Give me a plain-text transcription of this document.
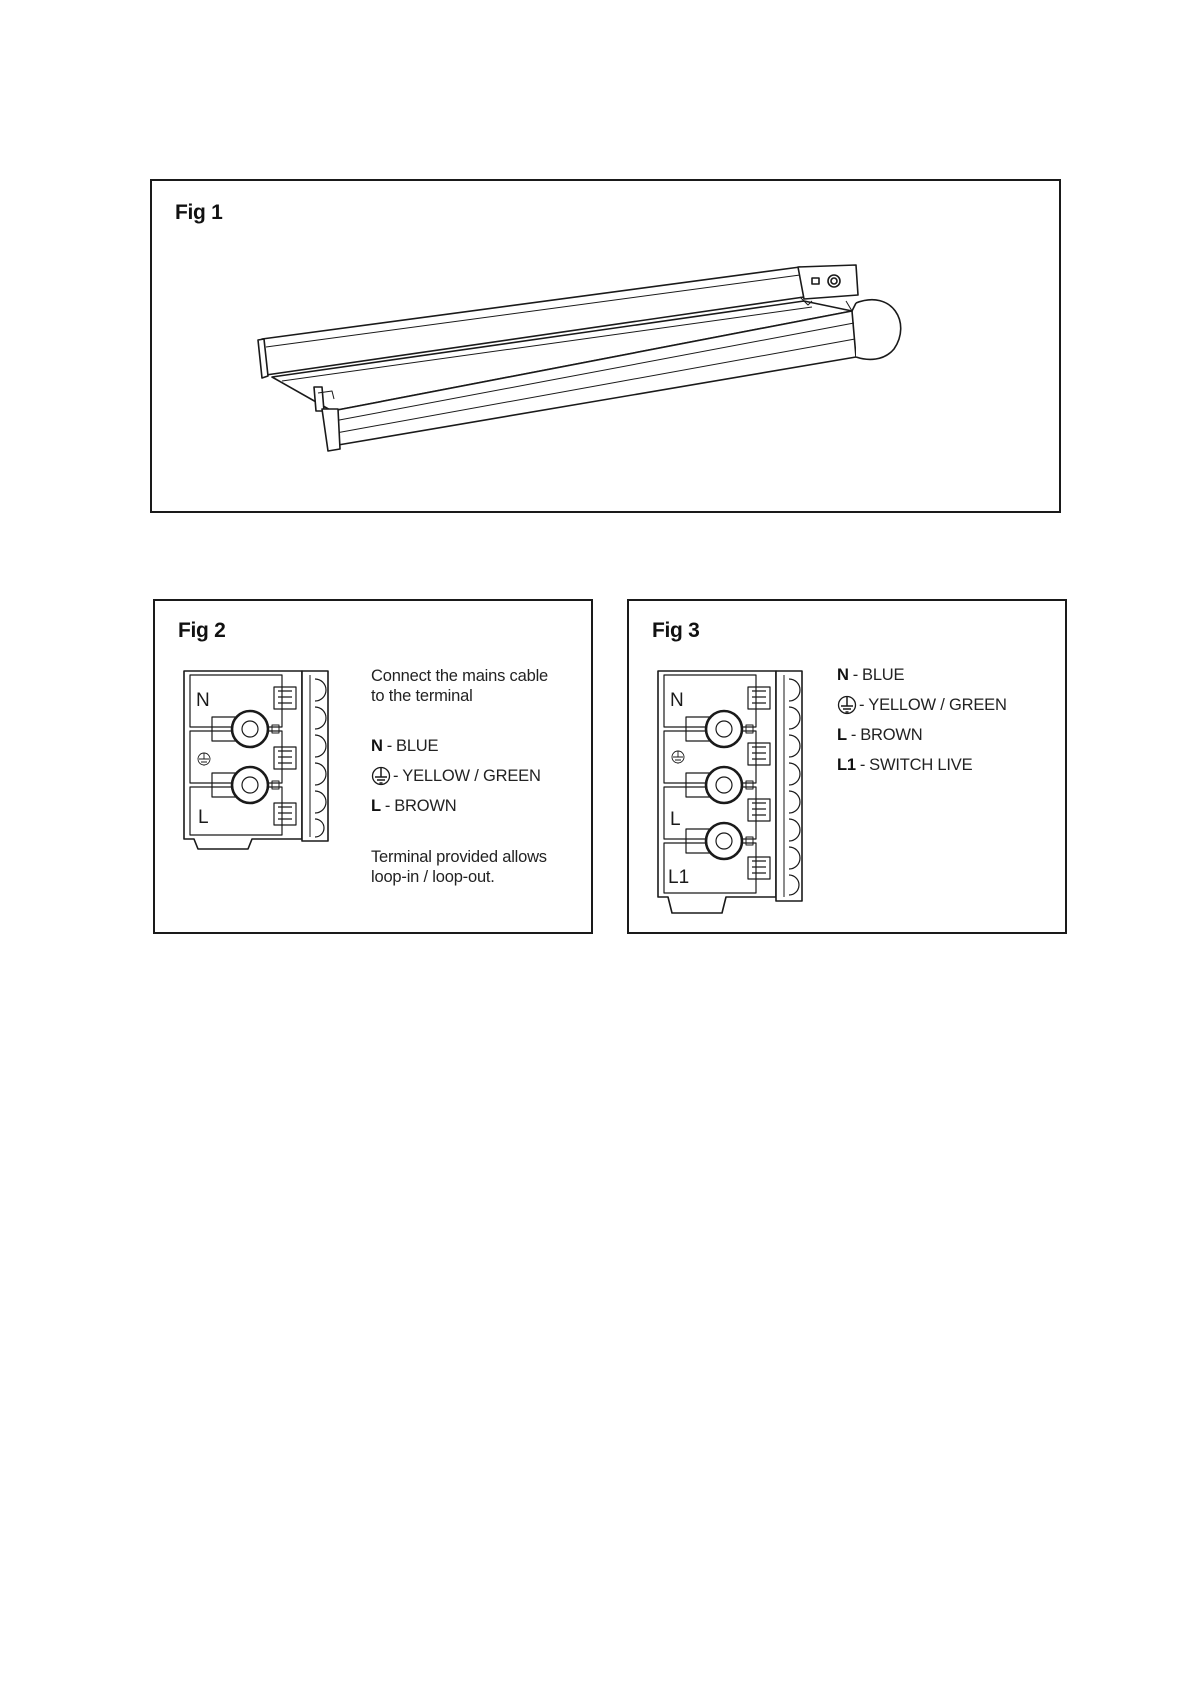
Fig 1
Fig 2
N
L
Connect the mains cable
to the terminal
N - BLUE
- YELLOW / GREEN
L - BROWN
Terminal provided allows
loop-in / loop-out.
Fig 3
N
L
L1
N - BLUE
- YELLOW / GREEN
L - BROWN
L1 - SWITCH LIVE
